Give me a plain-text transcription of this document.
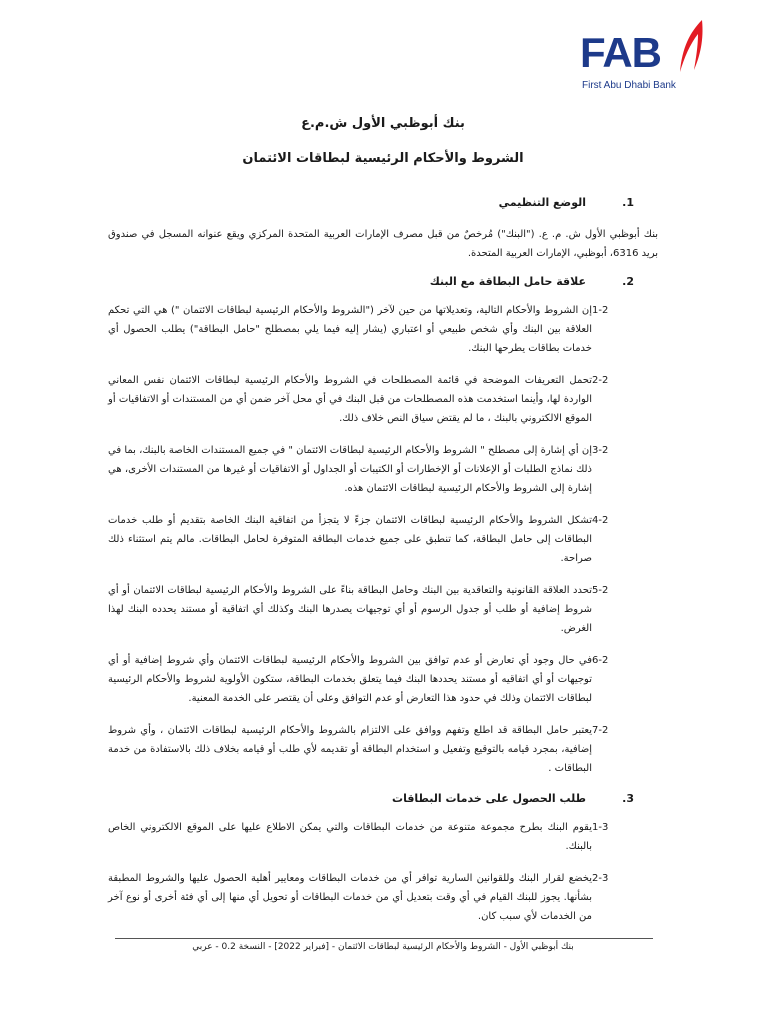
FAB
First Abu Dhabi Bank

بنك أبوظبي الأول ش.م.ع

الشروط والأحكام الرئيسية لبطاقات الائتمان

.1
الوضع التنظيمي
بنك أبوظبي الأول ش. م. ع. ("البنك") مُرخصٌ من قبل مصرف الإمارات العربية المتحدة المركزي ويقع عنوانه المسجل في صندوق بريد 6316، أبوظبي، الإمارات العربية المتحدة.
.2
علاقة حامل البطاقة مع البنك
1-2
إن الشروط والأحكام التالية، وتعديلاتها من حين لآخر ("الشروط والأحكام الرئيسية لبطاقات الائتمان ") هي التي تحكم العلاقة بين البنك وأي شخص طبيعي أو اعتباري (يشار إليه فيما يلي بمصطلح "حامل البطاقة") يطلب الحصول أي خدمات بطاقات يطرحها البنك.
2-2
تحمل التعريفات الموضحة في قائمة المصطلحات في الشروط والأحكام الرئيسية لبطاقات الائتمان نفس المعاني الواردة لها، وأينما استخدمت هذه المصطلحات من قبل البنك في أي محل آخر ضمن أي من المستندات أو الاتفاقيات أو الموقع الالكتروني بالبنك ، ما لم يقتض سياق النص خلاف ذلك.
3-2
إن أي إشارة إلى مصطلح " الشروط والأحكام الرئيسية لبطاقات الائتمان " في جميع المستندات الخاصة بالبنك، بما في ذلك نماذج الطلبات أو الإعلانات أو الإخطارات أو الكتيبات أو الجداول أو الاتفاقيات أو غيرها من المستندات الأخرى، هي إشارة إلى الشروط والأحكام الرئيسية لبطاقات الائتمان هذه.
4-2
تشكل الشروط والأحكام الرئيسية لبطاقات الائتمان جزءً لا يتجزأ من اتفاقية البنك الخاصة بتقديم أو طلب خدمات البطاقات إلى حامل البطاقة، كما تنطبق على جميع خدمات البطاقة المتوفرة لحامل البطاقات. مالم يتم استثناء ذلك صراحة.
5-2
تحدد العلاقة القانونية والتعاقدية بين البنك وحامل البطاقة بناءً على الشروط والأحكام الرئيسية لبطاقات الائتمان أو أي شروط إضافية أو طلب أو جدول الرسوم أو أي توجيهات يصدرها البنك وكذلك أي اتفاقية أو مستند يحدده البنك لهذا الغرض.
6-2
في حال وجود أي تعارض أو عدم توافق بين الشروط والأحكام الرئيسية لبطاقات الائتمان وأي شروط إضافية أو أي توجيهات أو أي اتفاقيه أو مستند يحددها البنك فيما يتعلق بخدمات البطاقة، ستكون الأولوية لشروط والأحكام الرئيسية لبطاقات الائتمان وذلك في حدود هذا التعارض أو عدم التوافق وعلى أن يقتصر على الخدمة المعنية.
7-2
يعتبر حامل البطاقة قد اطلع وتفهم ووافق على الالتزام بالشروط والأحكام الرئيسية لبطاقات الائتمان ، وأي شروط إضافية، بمجرد قيامه بالتوقيع وتفعيل و استخدام البطاقة أو تقديمه لأي طلب أو قيامه بخلاف ذلك بالاستفادة من خدمة البطاقات .
.3
طلب الحصول على خدمات البطاقات
1-3
يقوم البنك بطرح مجموعة متنوعة من خدمات البطاقات والتي يمكن الاطلاع عليها على الموقع الالكتروني الخاص بالبنك.
2-3
يخضع لقرار البنك وللقوانين السارية توافر أي من خدمات البطاقات ومعايير أهلية الحصول عليها والشروط المطبقة بشأنها. يجوز للبنك القيام في أي وقت بتعديل أي من خدمات البطاقات أو تحويل أي منها إلى أي فئة أخرى أو نوع آخر من الخدمات لأي سبب كان.
بنك أبوظبي الأول - الشروط والأحكام الرئيسية لبطاقات الائتمان - [فبراير 2022] - النسخة 0.2 - عربي
